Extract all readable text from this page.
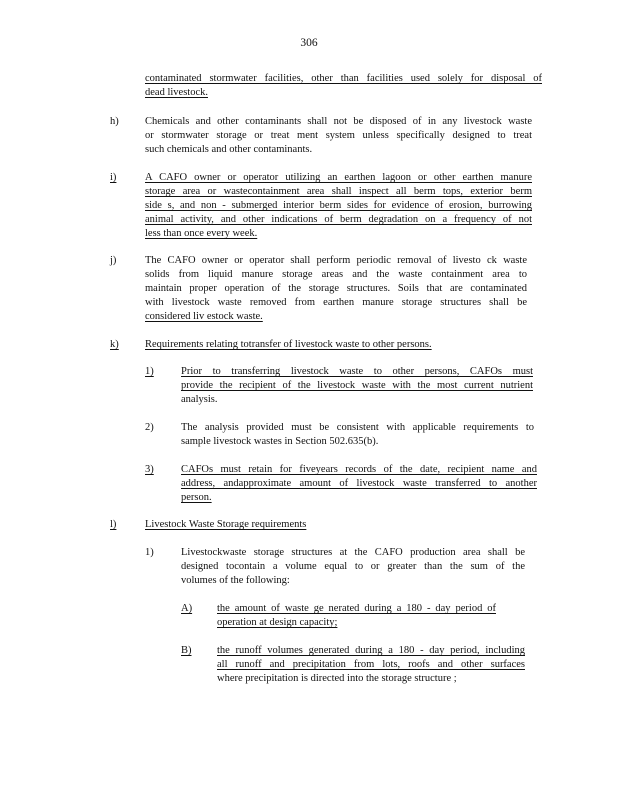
306
contaminated stormwater facilities, other than facilities used solely for disposal of
dead livestock.
h)	Chemicals and other contaminants shall not be disposed of in any livestock waste
or stormwater storage or treat ment system unless specifically designed to treat
such chemicals and other contaminants.
i)	A CAFO owner or operator utilizing an earthen lagoon or other earthen manure
storage area or wastecontainment area shall inspect all berm tops, exterior berm
side s, and non - submerged interior berm sides for evidence of erosion, burrowing
animal activity, and other indications of berm degradation on a frequency of not
less than once every week.
j)	The CAFO owner or operator shall perform periodic removal of livesto ck waste
solids from liquid manure storage areas and the waste containment area to
maintain proper operation of the storage structures. Soils that are contaminated
with livestock waste removed from earthen manure storage structures shall be
considered liv estock waste.
k)	Requirements relating totransfer of livestock waste to other persons.
1)	Prior to transferring livestock waste to other persons, CAFOs must
provide the recipient of the livestock waste with the most current nutrient
analysis.
2)	The analysis provided must be consistent with applicable requirements to
sample livestock wastes in Section 502.635(b).
3)	CAFOs must retain for fiveyears records of the date, recipient name and
address, andapproximate amount of livestock waste transferred to another
person.
l)	Livestock Waste Storage requirements
1)	Livestockwaste storage structures at the CAFO production area shall be
designed tocontain a volume equal to or greater than the sum of the
volumes of the following:
A) the amount of waste ge nerated during a 180 - day period of
operation at design capacity;
B) the runoff volumes generated during a 180 - day period, including
all runoff and precipitation from lots, roofs and other surfaces
where precipitation is directed into the storage structure ;
